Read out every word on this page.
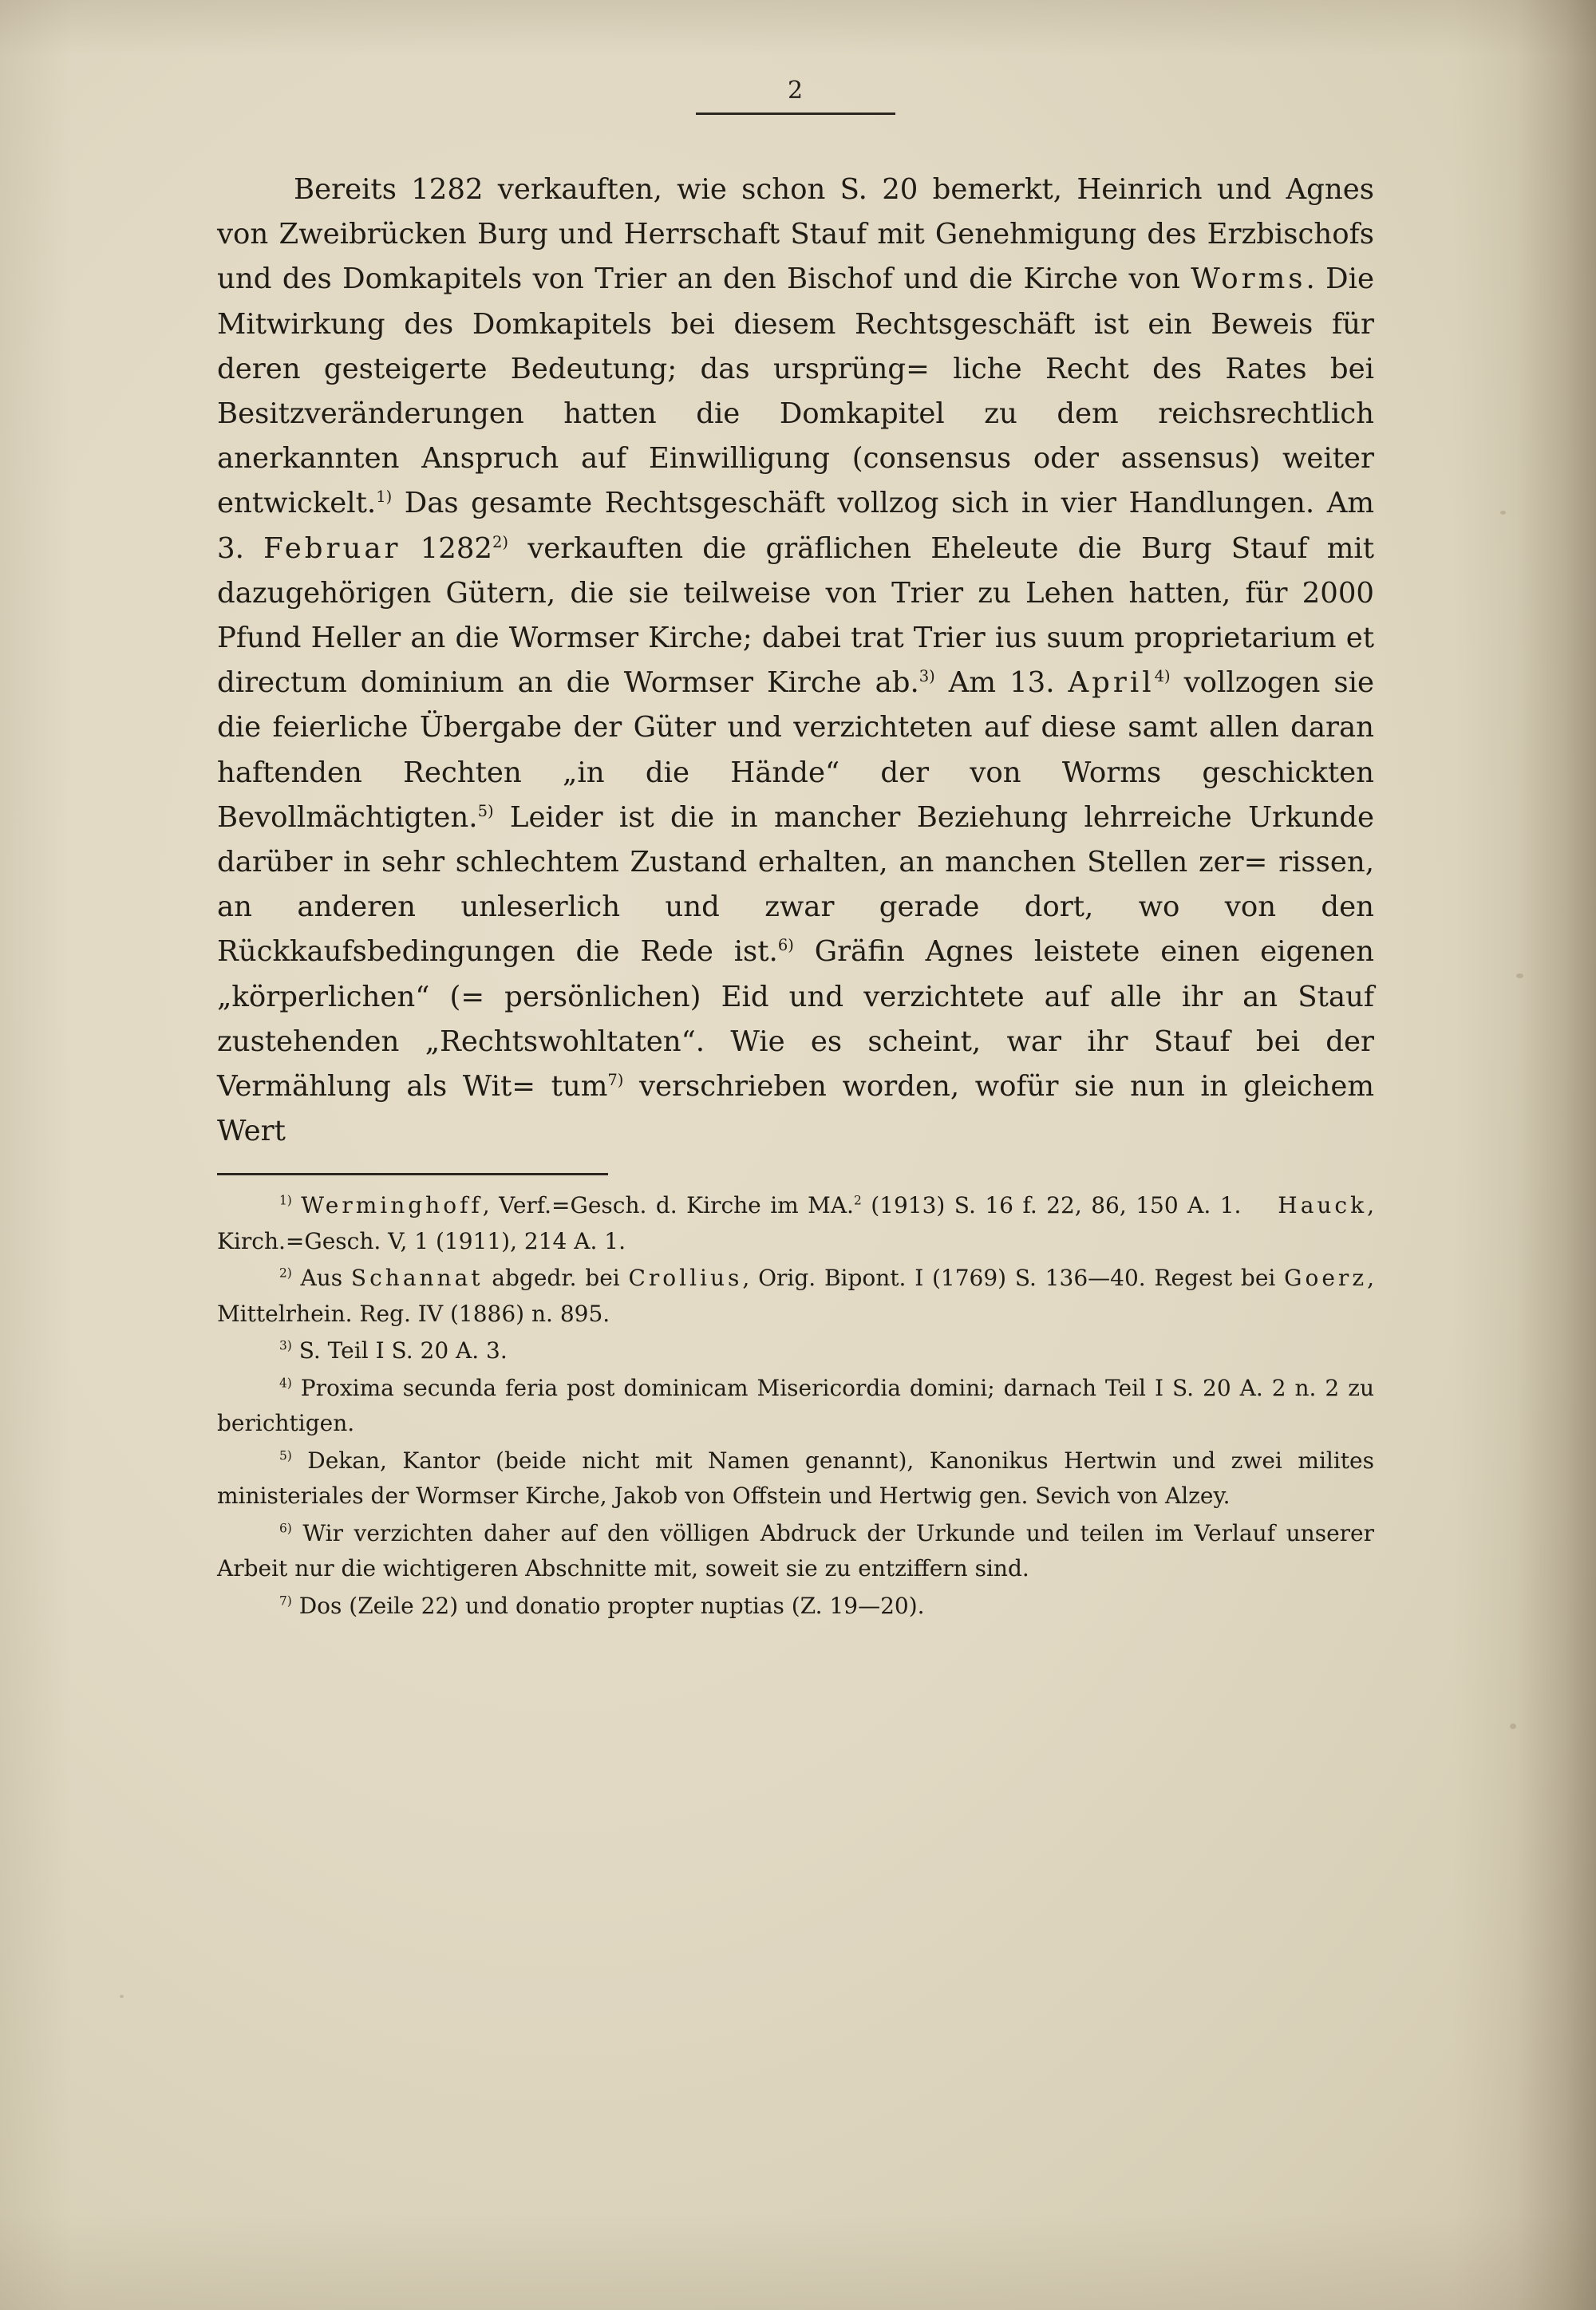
2

Bereits 1282 verkauften, wie schon S. 20 bemerkt, Heinrich und Agnes von Zweibrücken Burg und Herrschaft Stauf mit Genehmigung des Erzbischofs und des Domkapitels von Trier an den Bischof und die Kirche von Worms. Die Mitwirkung des Domkapitels bei diesem Rechtsgeschäft ist ein Beweis für deren gesteigerte Bedeutung; das ursprüng= liche Recht des Rates bei Besitzveränderungen hatten die Domkapitel zu dem reichsrechtlich anerkannten Anspruch auf Einwilligung (consensus oder assensus) weiter entwickelt.$^{1)}$ Das gesamte Rechtsgeschäft vollzog sich in vier Handlungen. Am 3. Februar 1282$^{2)}$ verkauften die gräflichen Eheleute die Burg Stauf mit dazugehörigen Gütern, die sie teilweise von Trier zu Lehen hatten, für 2000 Pfund Heller an die Wormser Kirche; dabei trat Trier ius suum proprietarium et directum dominium an die Wormser Kirche ab.$^{3)}$ Am 13. April$^{4)}$ vollzogen sie die feierliche Übergabe der Güter und verzichteten auf diese samt allen daran haftenden Rechten „in die Hände“ der von Worms geschickten Bevollmächtigten.$^{5)}$ Leider ist die in mancher Beziehung lehrreiche Urkunde darüber in sehr schlechtem Zustand erhalten, an manchen Stellen zer= rissen, an anderen unleserlich und zwar gerade dort, wo von den Rückkaufsbedingungen die Rede ist.$^{6)}$ Gräfin Agnes leistete einen eigenen „körperlichen“ (= persönlichen) Eid und verzichtete auf alle ihr an Stauf zustehenden „Rechtswohltaten“. Wie es scheint, war ihr Stauf bei der Vermählung als Wit= tum$^{7)}$ verschrieben worden, wofür sie nun in gleichem Wert

$^{1)}$ Werminghoff, Verf.=Gesch. d. Kirche im MA.$^2$ (1913) S. 16 f. 22, 86, 150 A. 1.    Hauck, Kirch.=Gesch. V, 1 (1911), 214 A. 1.

$^{2)}$ Aus Schannat abgedr. bei Crollius, Orig. Bipont. I (1769) S. 136—40. Regest bei Goerz, Mittelrhein. Reg. IV (1886) n. 895.

$^{3)}$ S. Teil I S. 20 A. 3.

$^{4)}$ Proxima secunda feria post dominicam Misericordia domini; darnach Teil I S. 20 A. 2 n. 2 zu berichtigen.

$^{5)}$ Dekan, Kantor (beide nicht mit Namen genannt), Kanonikus Hertwin und zwei milites ministeriales der Wormser Kirche, Jakob von Offstein und Hertwig gen. Sevich von Alzey.

$^{6)}$ Wir verzichten daher auf den völligen Abdruck der Urkunde und teilen im Verlauf unserer Arbeit nur die wichtigeren Abschnitte mit, soweit sie zu entziffern sind.

$^{7)}$ Dos (Zeile 22) und donatio propter nuptias (Z. 19—20).
